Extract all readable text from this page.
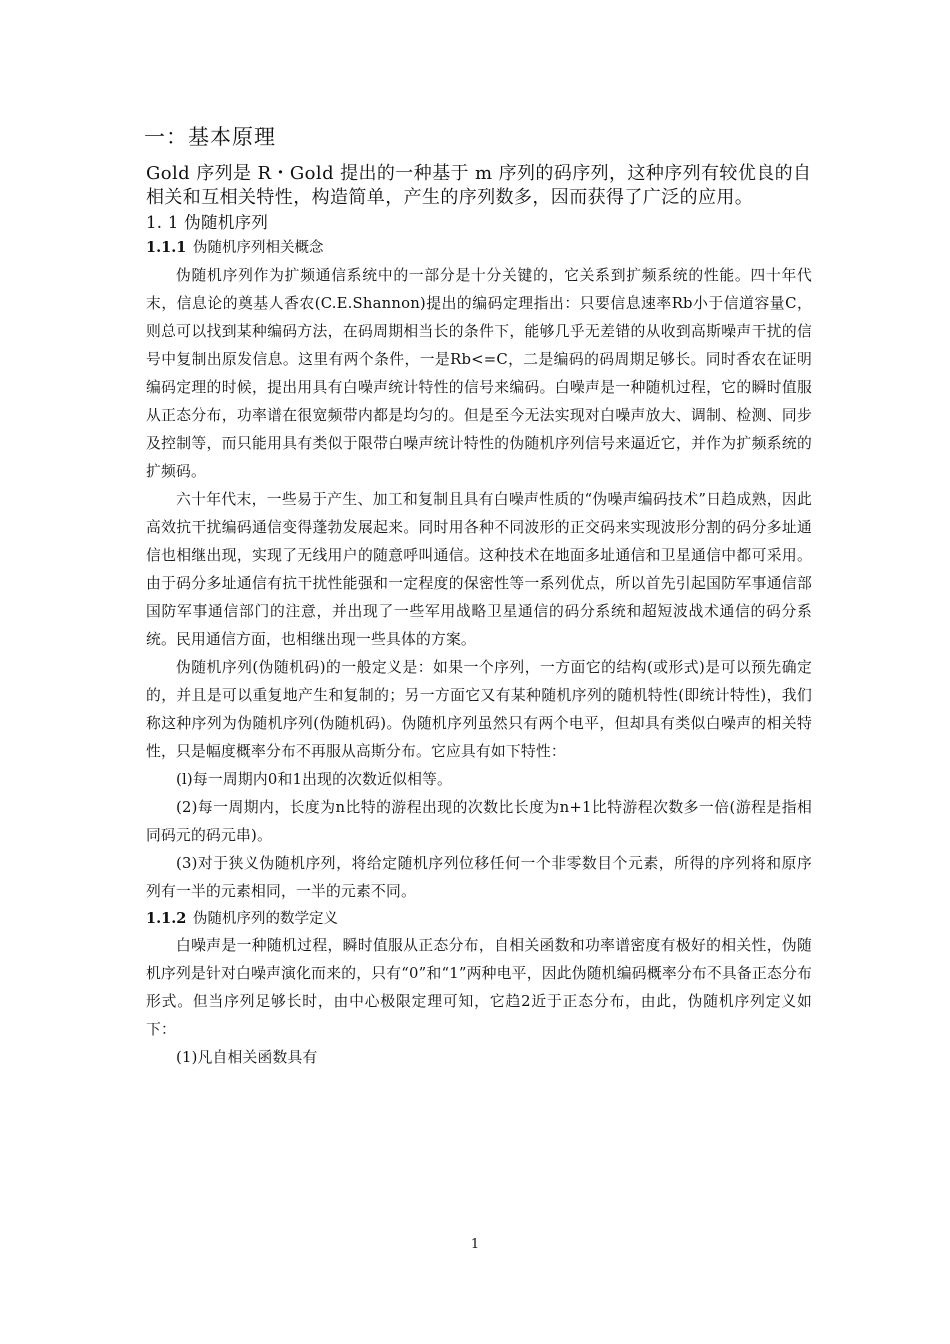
一：基本原理

Gold 序列是 R・Gold 提出的一种基于 m 序列的码序列，这种序列有较优良的自相关和互相关特性，构造简单，产生的序列数多，因而获得了广泛的应用。

1. 1 伪随机序列
1.1.1 伪随机序列相关概念

伪随机序列作为扩频通信系统中的一部分是十分关键的，它关系到扩频系统的性能。四十年代末，信息论的奠基人香农(C.E.Shannon)提出的编码定理指出：只要信息速率Rb小于信道容量C，则总可以找到某种编码方法，在码周期相当长的条件下，能够几乎无差错的从收到高斯噪声干扰的信号中复制出原发信息。这里有两个条件，一是Rb<=C，二是编码的码周期足够长。同时香农在证明编码定理的时候，提出用具有白噪声统计特性的信号来编码。白噪声是一种随机过程，它的瞬时值服从正态分布，功率谱在很宽频带内都是均匀的。但是至今无法实现对白噪声放大、调制、检测、同步及控制等，而只能用具有类似于限带白噪声统计特性的伪随机序列信号来逼近它，并作为扩频系统的扩频码。

六十年代末，一些易于产生、加工和复制且具有白噪声性质的“伪噪声编码技术”日趋成熟，因此高效抗干扰编码通信变得蓬勃发展起来。同时用各种不同波形的正交码来实现波形分割的码分多址通信也相继出现，实现了无线用户的随意呼叫通信。这种技术在地面多址通信和卫星通信中都可采用。由于码分多址通信有抗干扰性能强和一定程度的保密性等一系列优点，所以首先引起国防军事通信部国防军事通信部门的注意，并出现了一些军用战略卫星通信的码分系统和超短波战术通信的码分系统。民用通信方面，也相继出现一些具体的方案。

伪随机序列(伪随机码)的一般定义是：如果一个序列，一方面它的结构(或形式)是可以预先确定的，并且是可以重复地产生和复制的；另一方面它又有某种随机序列的随机特性(即统计特性)，我们称这种序列为伪随机序列(伪随机码)。伪随机序列虽然只有两个电平，但却具有类似白噪声的相关特性，只是幅度概率分布不再服从高斯分布。它应具有如下特性：

(l)每一周期内0和1出现的次数近似相等。

(2)每一周期内，长度为n比特的游程出现的次数比长度为n+1比特游程次数多一倍(游程是指相同码元的码元串)。

(3)对于狭义伪随机序列，将给定随机序列位移任何一个非零数目个元素，所得的序列将和原序列有一半的元素相同，一半的元素不同。

1.1.2 伪随机序列的数学定义

白噪声是一种随机过程，瞬时值服从正态分布，自相关函数和功率谱密度有极好的相关性，伪随机序列是针对白噪声演化而来的，只有“0”和“1”两种电平，因此伪随机编码概率分布不具备正态分布形式。但当序列足够长时，由中心极限定理可知，它趋2近于正态分布，由此，伪随机序列定义如下：

(1)凡自相关函数具有

1
